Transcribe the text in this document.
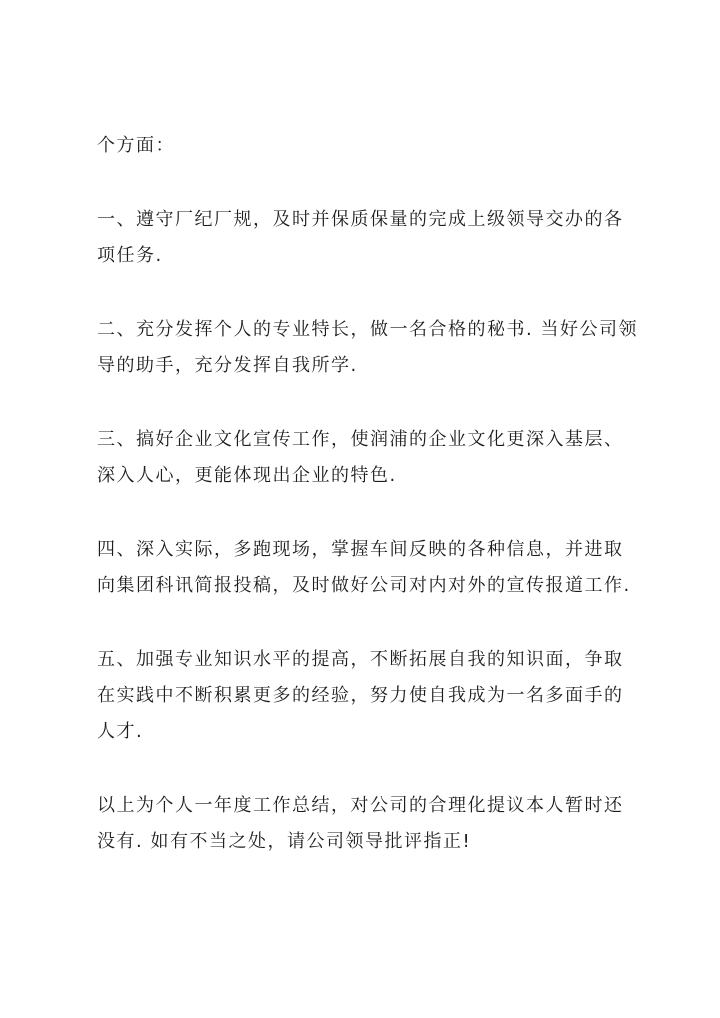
个方面：

一、遵守厂纪厂规，及时并保质保量的完成上级领导交办的各项任务.

二、充分发挥个人的专业特长，做一名合格的秘书. 当好公司领导的助手，充分发挥自我所学.

三、搞好企业文化宣传工作，使润浦的企业文化更深入基层、深入人心，更能体现出企业的特色.

四、深入实际，多跑现场，掌握车间反映的各种信息，并进取向集团科讯简报投稿，及时做好公司对内对外的宣传报道工作.

五、加强专业知识水平的提高，不断拓展自我的知识面，争取在实践中不断积累更多的经验，努力使自我成为一名多面手的人才.

以上为个人一年度工作总结，对公司的合理化提议本人暂时还没有. 如有不当之处，请公司领导批评指正!
